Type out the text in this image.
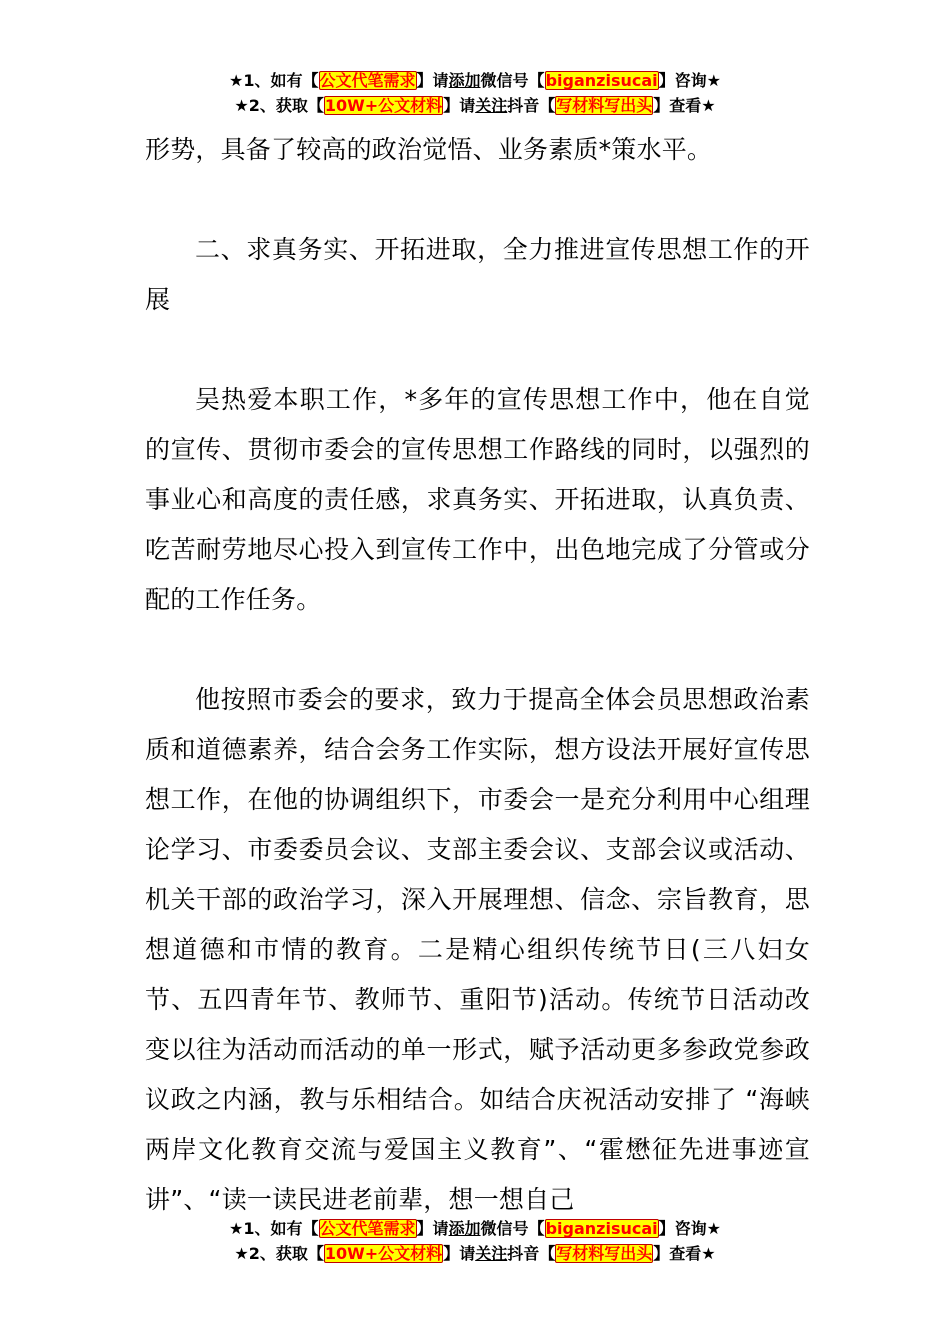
★1、如有【公文代笔需求】请添加微信号【biganzisucai】咨询★
★2、获取【10W+公文材料】请关注抖音【写材料写出头】查看★

形势，具备了较高的政治觉悟、业务素质*策水平。

二、求真务实、开拓进取，全力推进宣传思想工作的开展

吴热爱本职工作，*多年的宣传思想工作中，他在自觉的宣传、贯彻市委会的宣传思想工作路线的同时，以强烈的事业心和高度的责任感，求真务实、开拓进取，认真负责、吃苦耐劳地尽心投入到宣传工作中，出色地完成了分管或分配的工作任务。

他按照市委会的要求，致力于提高全体会员思想政治素质和道德素养，结合会务工作实际，想方设法开展好宣传思想工作，在他的协调组织下，市委会一是充分利用中心组理论学习、市委委员会议、支部主委会议、支部会议或活动、机关干部的政治学习，深入开展理想、信念、宗旨教育，思想道德和市情的教育。二是精心组织传统节日(三八妇女节、五四青年节、教师节、重阳节)活动。传统节日活动改变以往为活动而活动的单一形式，赋予活动更多参政党参政议政之内涵，教与乐相结合。如结合庆祝活动安排了 “海峡两岸文化教育交流与爱国主义教育”、“霍懋征先进事迹宣讲”、“读一读民进老前辈，想一想自己

★1、如有【公文代笔需求】请添加微信号【biganzisucai】咨询★
★2、获取【10W+公文材料】请关注抖音【写材料写出头】查看★
